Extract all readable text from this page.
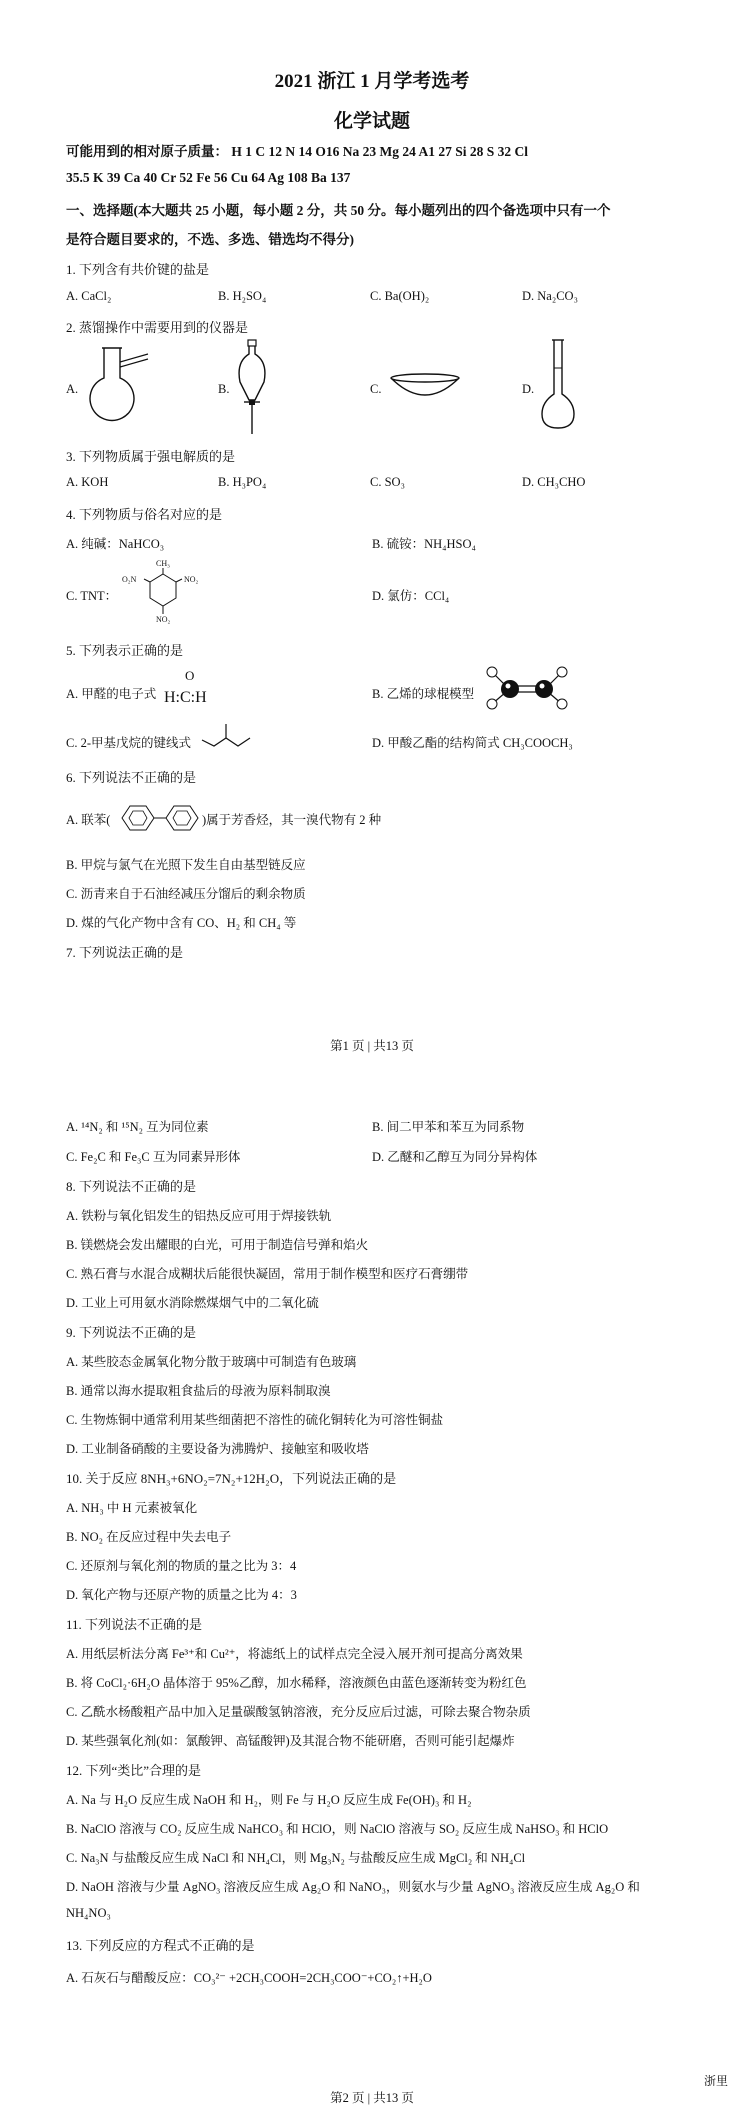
2021 浙江 1 月学考选考
化学试题
可能用到的相对原子质量： H 1 C 12 N 14 O16 Na 23 Mg 24 A1 27 Si 28 S 32 Cl
35.5 K 39 Ca 40 Cr 52 Fe 56 Cu 64 Ag 108 Ba 137
一、选择题(本大题共 25 小题，每小题 2 分，共 50 分。每小题列出的四个备选项中只有一个
是符合题目要求的，不选、多选、错选均不得分)
1. 下列含有共价键的盐是
A. CaCl₂	B. H₂SO₄	C. Ba(OH)₂	D. Na₂CO₃
2. 蒸馏操作中需要用到的仪器是
A.	B.	C.	D.
3. 下列物质属于强电解质的是
A. KOH	B. H₃PO₄	C. SO₃	D. CH₃CHO
4. 下列物质与俗名对应的是
A. 纯碱：NaHCO₃	B. 硫铵：NH₄HSO₄
C. TNT：	D. 氯仿：CCl₄
CH₃
O₂N	NO₂
NO₂
5. 下列表示正确的是
A. 甲醛的电子式
O
H:C:H	B. 乙烯的球棍模型
C. 2-甲基戊烷的键线式	D. 甲酸乙酯的结构简式 CH₃COOCH₃
6. 下列说法不正确的是
A. 联苯(	)属于芳香烃，其一溴代物有 2 种
B. 甲烷与氯气在光照下发生自由基型链反应
C. 沥青来自于石油经减压分馏后的剩余物质
D. 煤的气化产物中含有 CO、H₂ 和 CH₄ 等
7. 下列说法正确的是
第1 页 | 共13 页
A. ¹⁴N₂ 和 ¹⁵N₂ 互为同位素	B. 间二甲苯和苯互为同系物
C. Fe₂C 和 Fe₃C 互为同素异形体	D. 乙醚和乙醇互为同分异构体
8. 下列说法不正确的是
A. 铁粉与氧化铝发生的铝热反应可用于焊接铁轨
B. 镁燃烧会发出耀眼的白光，可用于制造信号弹和焰火
C. 熟石膏与水混合成糊状后能很快凝固，常用于制作模型和医疗石膏绷带
D. 工业上可用氨水消除燃煤烟气中的二氧化硫
9. 下列说法不正确的是
A. 某些胶态金属氧化物分散于玻璃中可制造有色玻璃
B. 通常以海水提取粗食盐后的母液为原料制取溴
C. 生物炼铜中通常利用某些细菌把不溶性的硫化铜转化为可溶性铜盐
D. 工业制备硝酸的主要设备为沸腾炉、接触室和吸收塔
10. 关于反应 8NH₃+6NO₂=7N₂+12H₂O，下列说法正确的是
A. NH₃ 中 H 元素被氧化
B. NO₂ 在反应过程中失去电子
C. 还原剂与氧化剂的物质的量之比为 3：4
D. 氧化产物与还原产物的质量之比为 4：3
11. 下列说法不正确的是
A. 用纸层析法分离 Fe³⁺和 Cu²⁺，将滤纸上的试样点完全浸入展开剂可提高分离效果
B. 将 CoCl₂·6H₂O 晶体溶于 95%乙醇，加水稀释，溶液颜色由蓝色逐渐转变为粉红色
C. 乙酰水杨酸粗产品中加入足量碳酸氢钠溶液，充分反应后过滤，可除去聚合物杂质
D. 某些强氧化剂(如：氯酸钾、高锰酸钾)及其混合物不能研磨，否则可能引起爆炸
12. 下列“类比”合理的是
A. Na 与 H₂O 反应生成 NaOH 和 H₂，则 Fe 与 H₂O 反应生成 Fe(OH)₃ 和 H₂
B. NaClO 溶液与 CO₂ 反应生成 NaHCO₃ 和 HClO，则 NaClO 溶液与 SO₂ 反应生成 NaHSO₃ 和 HClO
C. Na₃N 与盐酸反应生成 NaCl 和 NH₄Cl，则 Mg₃N₂ 与盐酸反应生成 MgCl₂ 和 NH₄Cl
D. NaOH 溶液与少量 AgNO₃ 溶液反应生成 Ag₂O 和 NaNO₃，则氨水与少量 AgNO₃ 溶液反应生成 Ag₂O 和
NH₄NO₃
13. 下列反应的方程式不正确的是
A. 石灰石与醋酸反应：CO₃²⁻ +2CH₃COOH=2CH₃COO⁻+CO₂↑+H₂O
浙里
第2 页 | 共13 页
